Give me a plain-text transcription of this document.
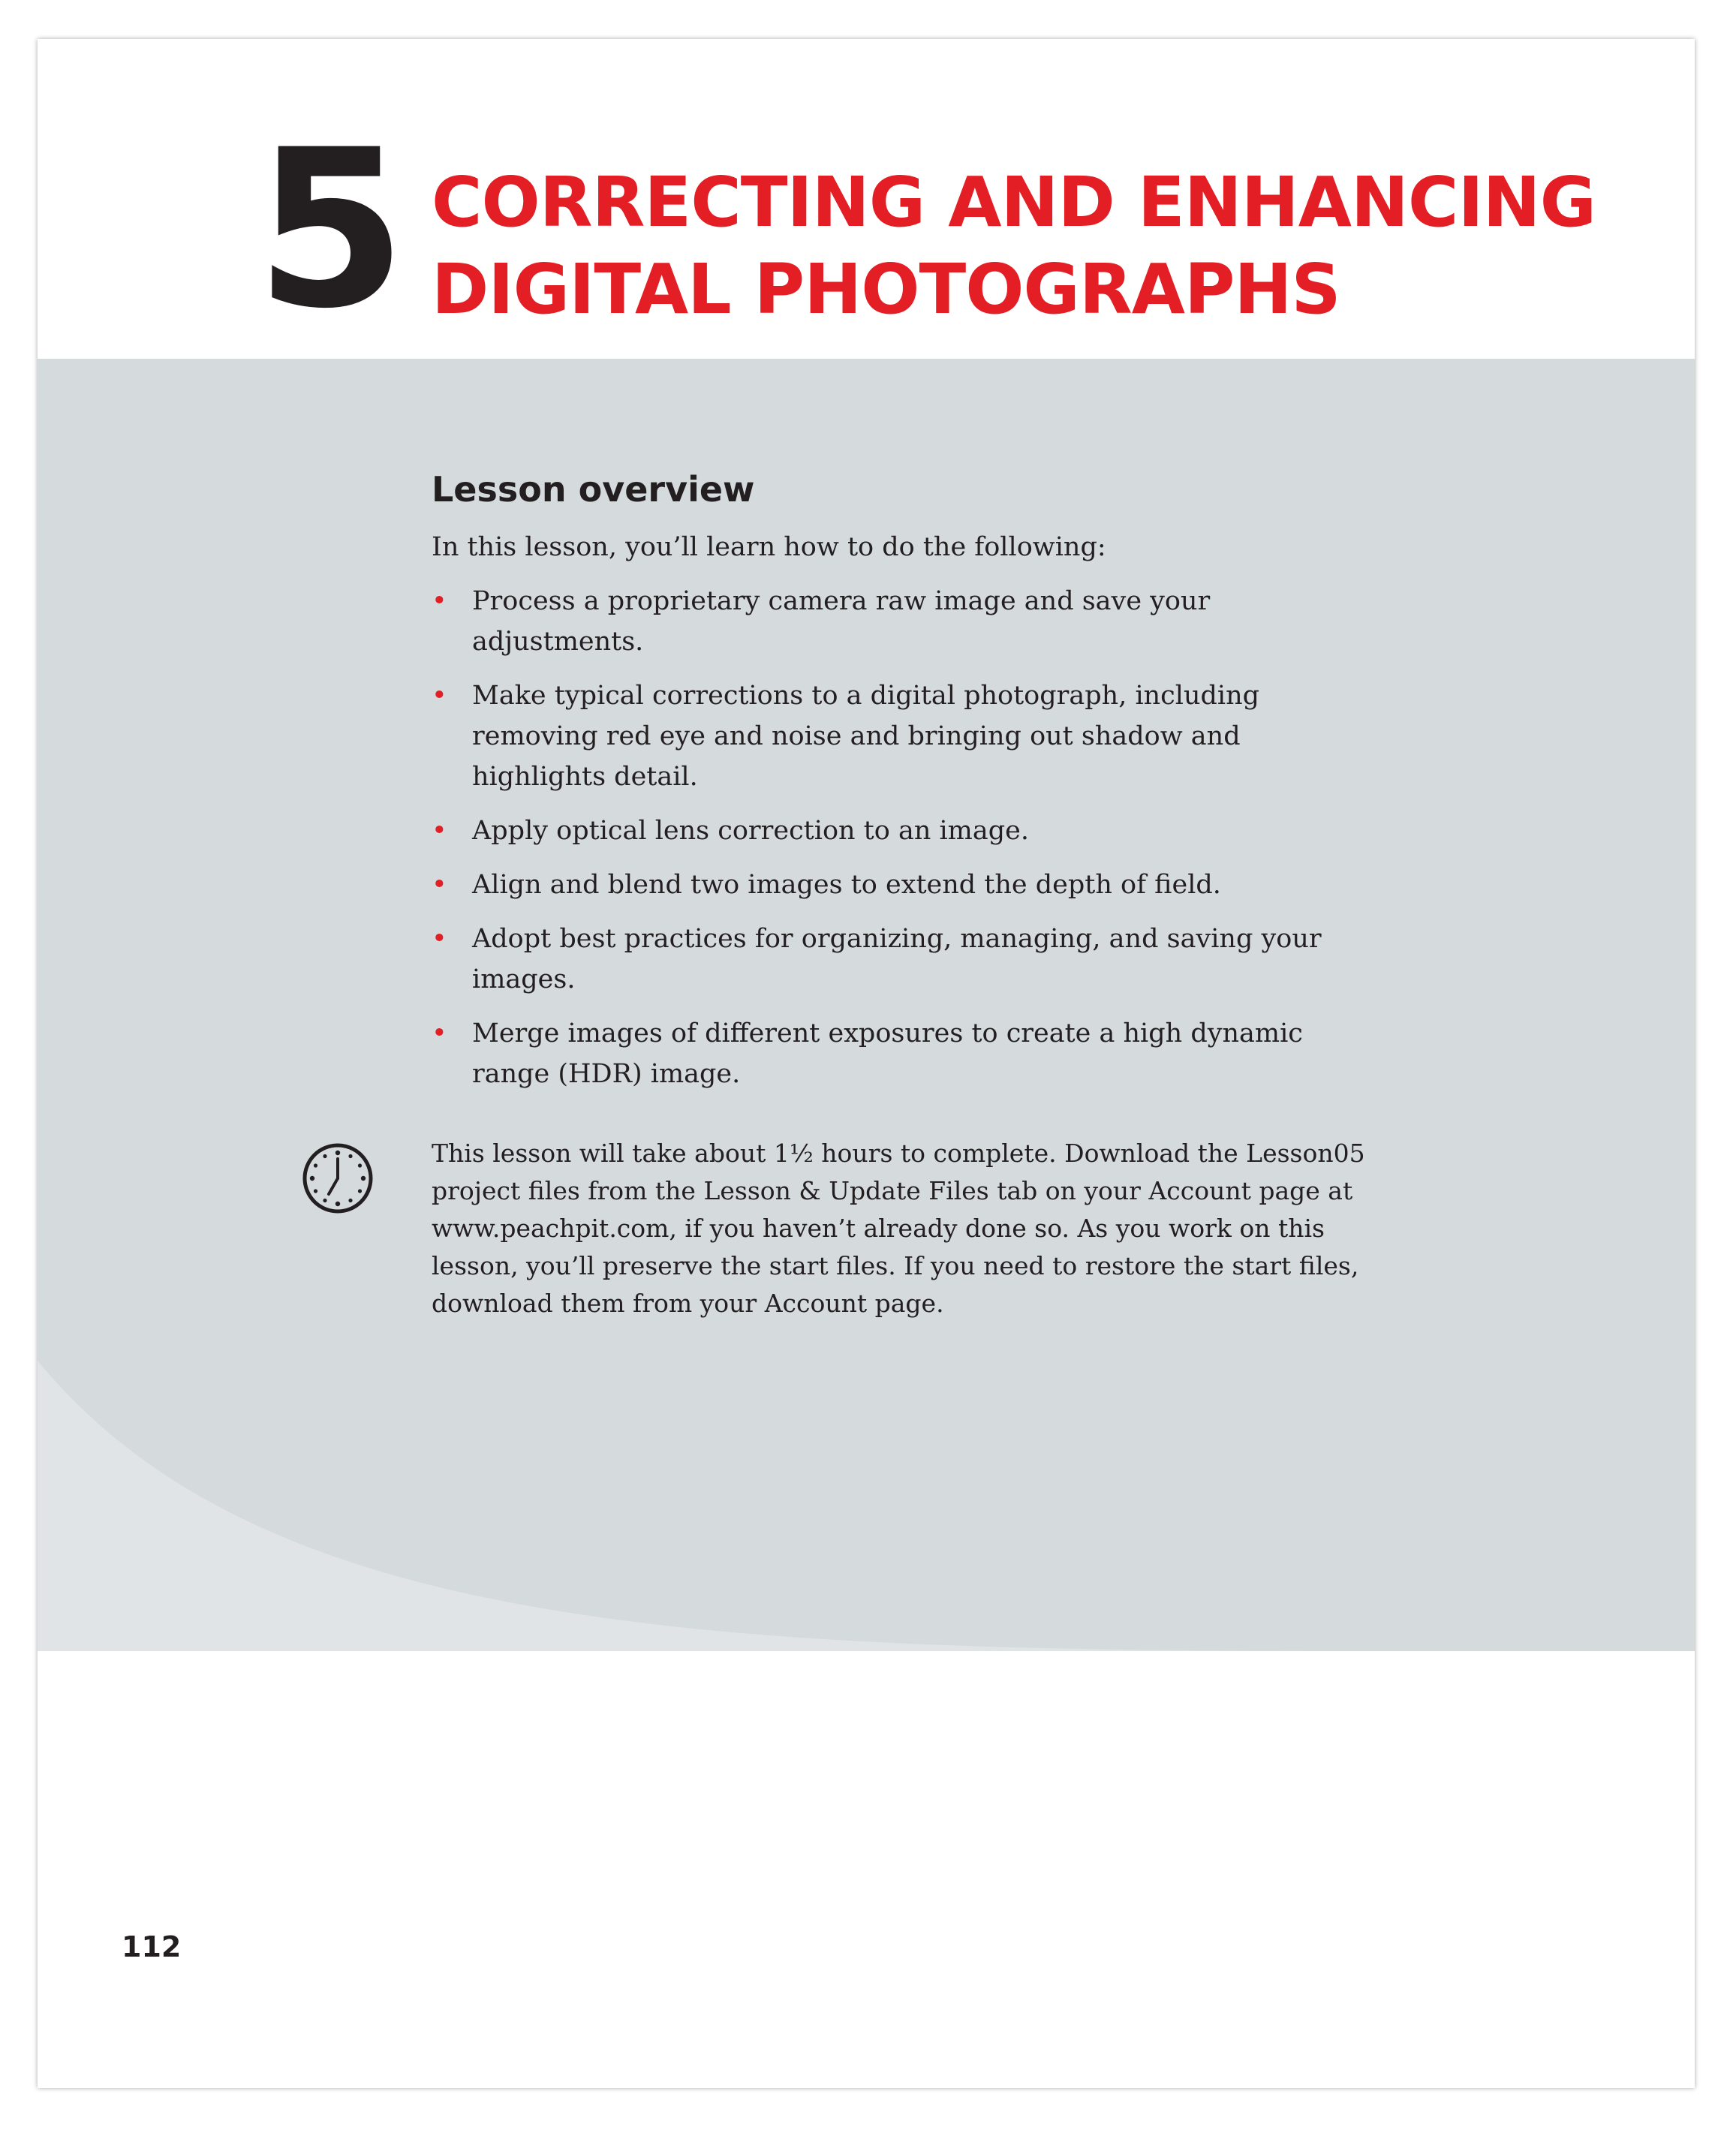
5 CORRECTING AND ENHANCING
DIGITAL PHOTOGRAPHS
Lesson overview

In this lesson, you’ll learn how to do the following:

• Process a proprietary camera raw image and save your adjustments.
• Make typical corrections to a digital photograph, including removing red eye and noise and bringing out shadow and highlights detail.
• Apply optical lens correction to an image.
• Align and blend two images to extend the depth of field.
• Adopt best practices for organizing, managing, and saving your images.
• Merge images of different exposures to create a high dynamic range (HDR) image.
This lesson will take about 1½ hours to complete. Download the Lesson05 project files from the Lesson & Update Files tab on your Account page at www.peachpit.com, if you haven’t already done so. As you work on this lesson, you’ll preserve the start files. If you need to restore the start files, download them from your Account page.
112
